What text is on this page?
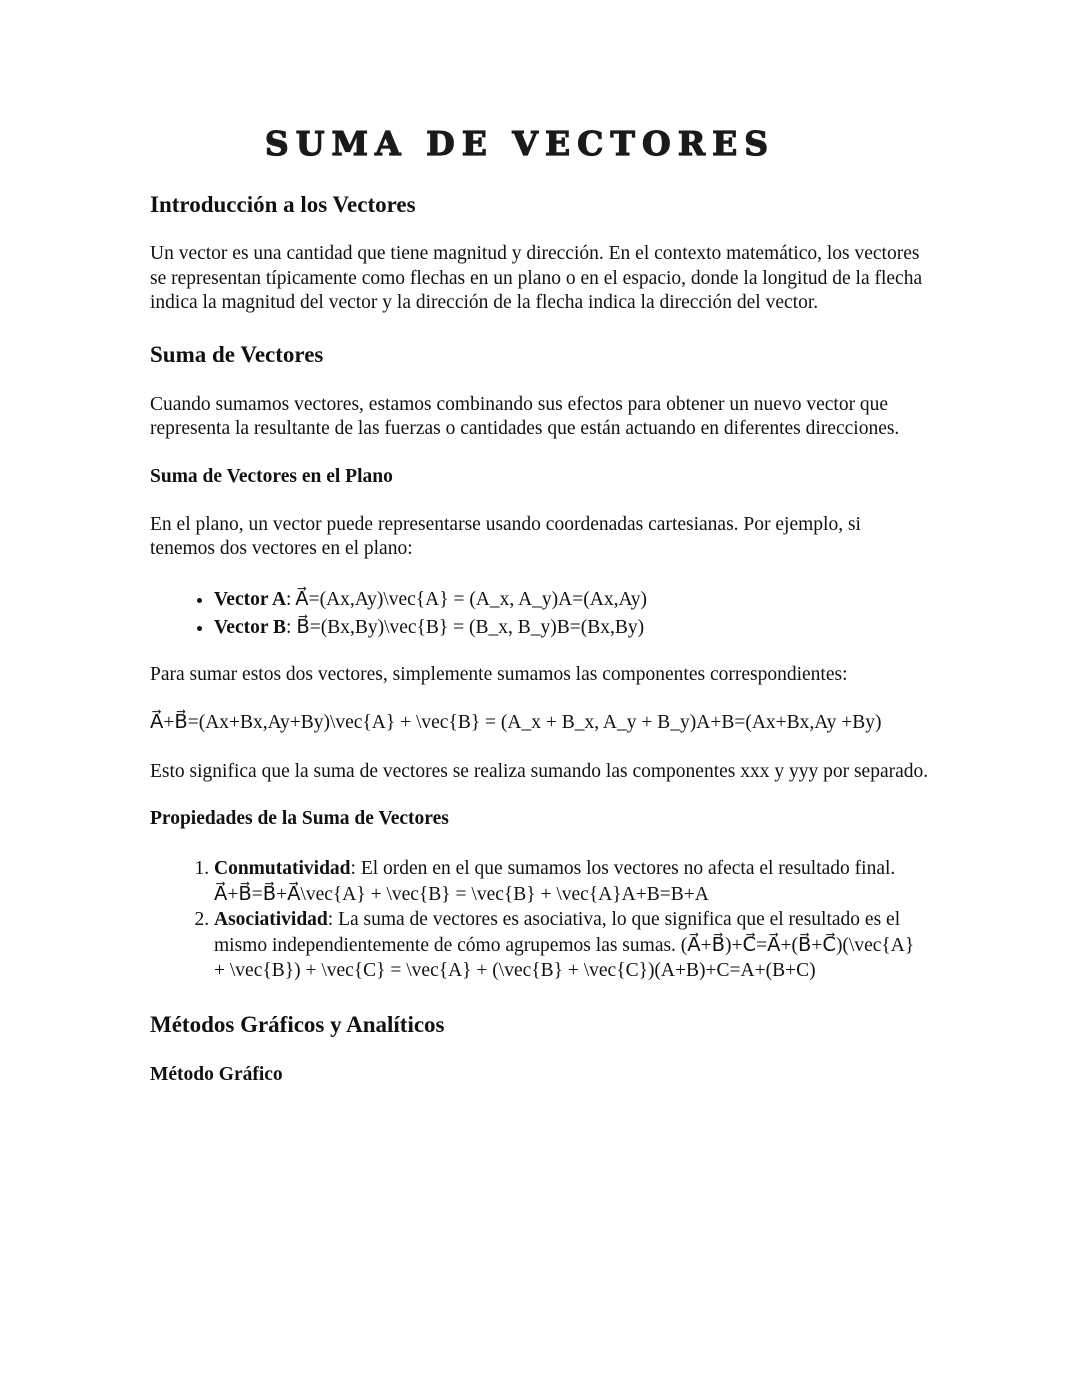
SUMA DE VECTORES
Introducción a los Vectores

Un vector es una cantidad que tiene magnitud y dirección. En el contexto matemático, los vectores se representan típicamente como flechas en un plano o en el espacio, donde la longitud de la flecha indica la magnitud del vector y la dirección de la flecha indica la dirección del vector.

Suma de Vectores

Cuando sumamos vectores, estamos combinando sus efectos para obtener un nuevo vector que representa la resultante de las fuerzas o cantidades que están actuando en diferentes direcciones.

Suma de Vectores en el Plano

En el plano, un vector puede representarse usando coordenadas cartesianas. Por ejemplo, si tenemos dos vectores en el plano:

• Vector A: A⃗=(Ax,Ay)\vec{A} = (A_x, A_y)A=(Ax,Ay)
• Vector B: B⃗=(Bx,By)\vec{B} = (B_x, B_y)B=(Bx,By)

Para sumar estos dos vectores, simplemente sumamos las componentes correspondientes:

A⃗+B⃗=(Ax+Bx,Ay+By)\vec{A} + \vec{B} = (A_x + B_x, A_y + B_y)A+B=(Ax+Bx,Ay +By)

Esto significa que la suma de vectores se realiza sumando las componentes xxx y yyy por separado.

Propiedades de la Suma de Vectores
1. Conmutatividad: El orden en el que sumamos los vectores no afecta el resultado final. A⃗+B⃗=B⃗+A⃗\vec{A} + \vec{B} = \vec{B} + \vec{A}A+B=B+A
2. Asociatividad: La suma de vectores es asociativa, lo que significa que el resultado es el mismo independientemente de cómo agrupemos las sumas. (A⃗+B⃗)+C⃗=A⃗+(B⃗+C⃗)(\vec{A} + \vec{B}) + \vec{C} = \vec{A} + (\vec{B} + \vec{C})(A+B)+C=A+(B+C)
Métodos Gráficos y Analíticos
Método Gráfico
